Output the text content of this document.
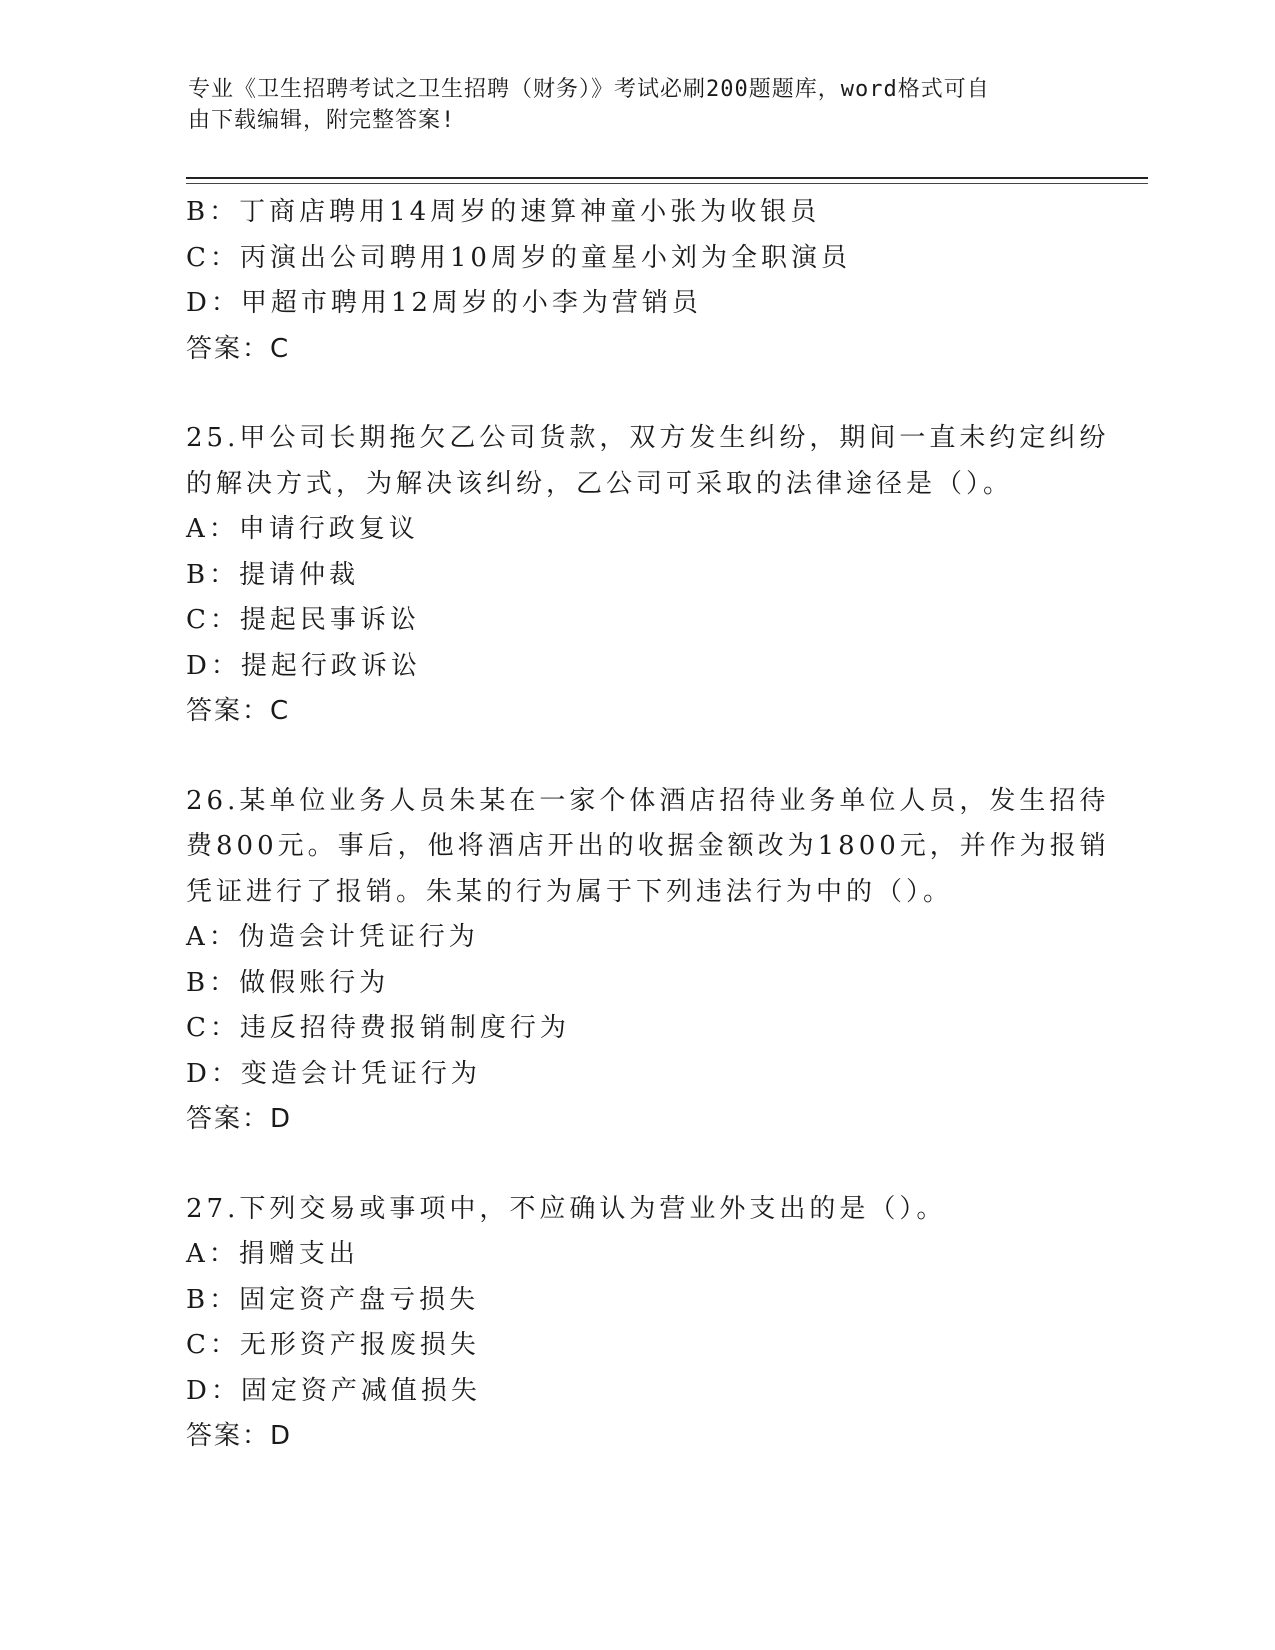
专业《卫生招聘考试之卫生招聘（财务）》考试必刷200题题库，word格式可自
由下载编辑，附完整答案!
B：丁商店聘用14周岁的速算神童小张为收银员
C：丙演出公司聘用10周岁的童星小刘为全职演员
D：甲超市聘用12周岁的小李为营销员
答案：C
25.甲公司长期拖欠乙公司货款，双方发生纠纷，期间一直未约定纠纷
的解决方式，为解决该纠纷，乙公司可采取的法律途径是（）。
A：申请行政复议
B：提请仲裁
C：提起民事诉讼
D：提起行政诉讼
答案：C
26.某单位业务人员朱某在一家个体酒店招待业务单位人员，发生招待
费800元。事后，他将酒店开出的收据金额改为1800元，并作为报销
凭证进行了报销。朱某的行为属于下列违法行为中的（）。
A：伪造会计凭证行为
B：做假账行为
C：违反招待费报销制度行为
D：变造会计凭证行为
答案：D
27.下列交易或事项中，不应确认为营业外支出的是（）。
A：捐赠支出
B：固定资产盘亏损失
C：无形资产报废损失
D：固定资产减值损失
答案：D
